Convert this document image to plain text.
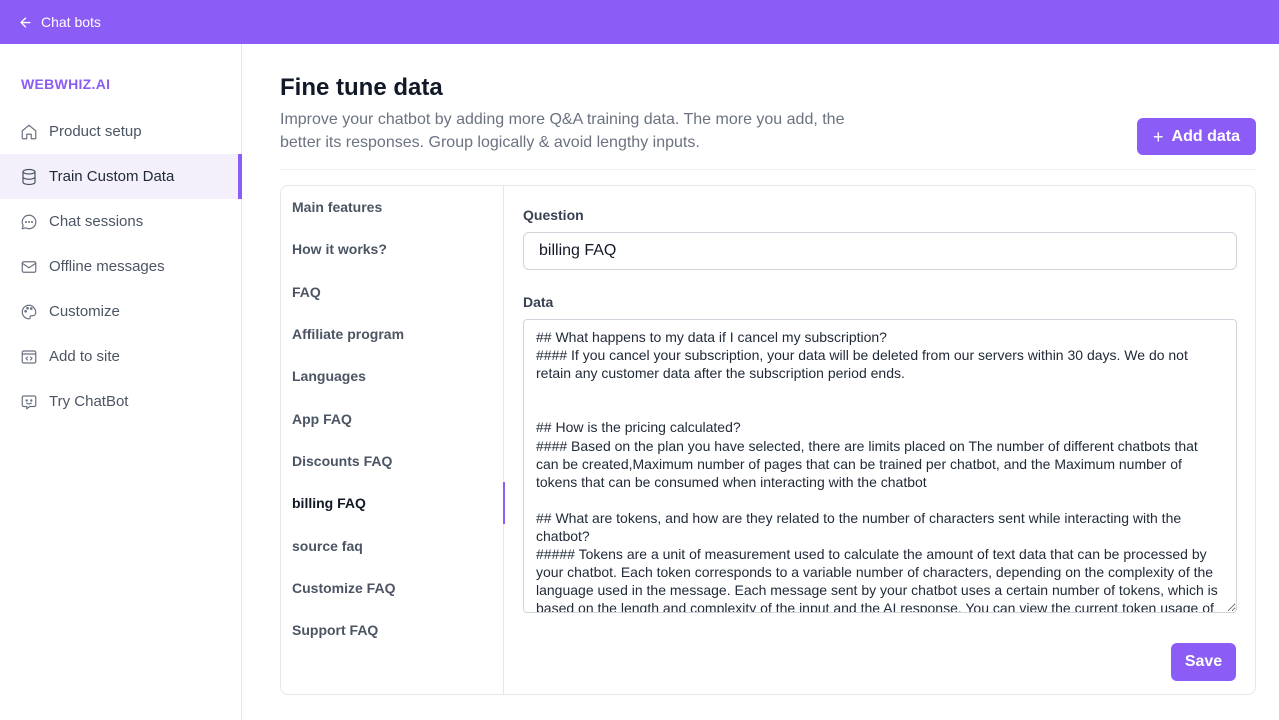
Chat bots
WEBWHIZ.AI
Product setup
Train Custom Data
Chat sessions
Offline messages
Customize
Add to site
Try ChatBot
Fine tune data

Improve your chatbot by adding more Q&A training data. The more you add, the better its responses. Group logically & avoid lengthy inputs.	+ Add data
Main features
How it works?
FAQ
Affiliate program
Languages
App FAQ
Discounts FAQ
billing FAQ
source faq
Customize FAQ
Support FAQ
Question
billing FAQ
Data
## What happens to my data if I cancel my subscription? #### If you cancel your subscription, your data will be deleted from our servers within 30 days. We do not retain any customer data after the subscription period ends. ## How is the pricing calculated? #### Based on the plan you have selected, there are limits placed on The number of different chatbots that can be created,Maximum number of pages that can be trained per chatbot, and the Maximum number of tokens that can be consumed when interacting with the chatbot ## What are tokens, and how are they related to the number of characters sent while interacting with the chatbot? ##### Tokens are a unit of measurement used to calculate the amount of text data that can be processed by your chatbot. Each token corresponds to a variable number of characters, depending on the complexity of the language used in the message. Each message sent by your chatbot uses a certain number of tokens, which is based on the length and complexity of the input and the AI response. You can view the current token usage of
Save
